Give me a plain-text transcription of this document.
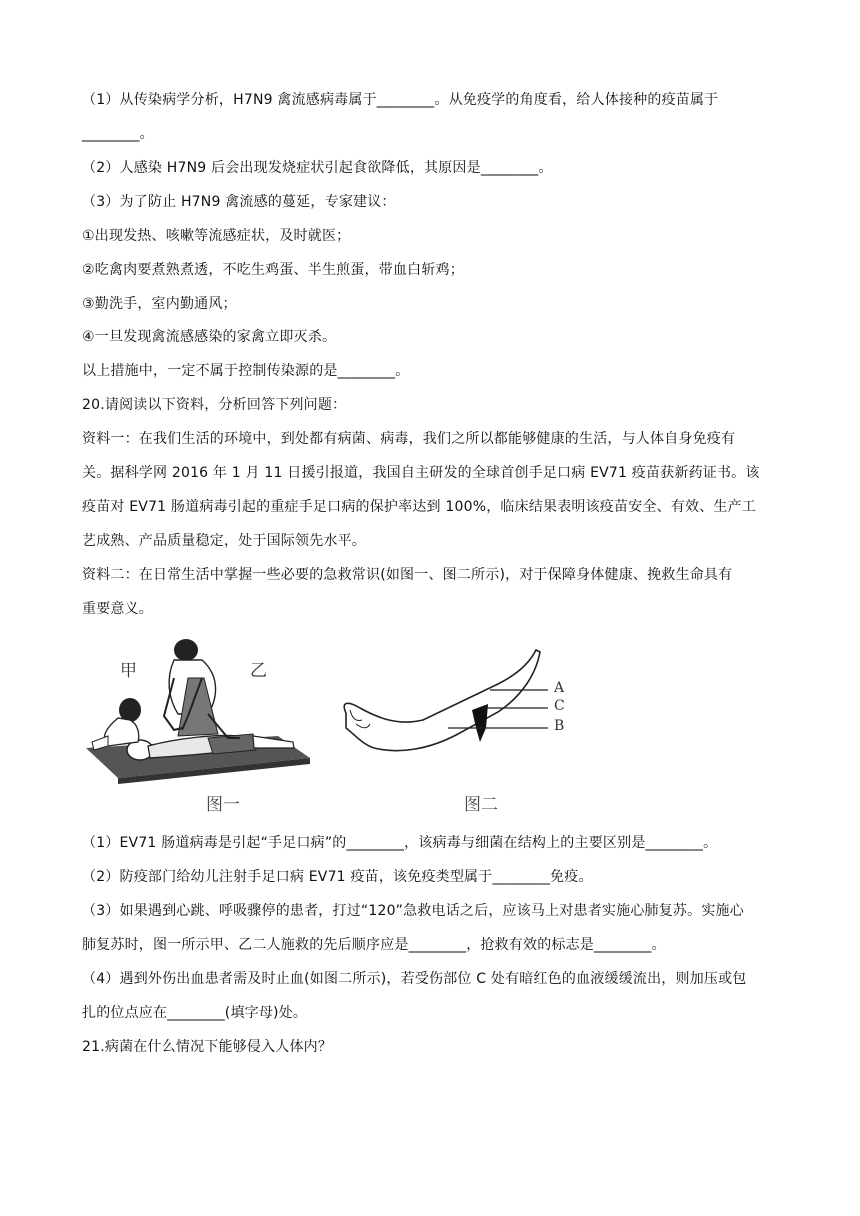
（1）从传染病学分析，H7N9 禽流感病毒属于________。从免疫学的角度看，给人体接种的疫苗属于
________。
（2）人感染 H7N9 后会出现发烧症状引起食欲降低，其原因是________。
（3）为了防止 H7N9 禽流感的蔓延，专家建议：
①出现发热、咳嗽等流感症状，及时就医；
②吃禽肉要煮熟煮透，不吃生鸡蛋、半生煎蛋，带血白斩鸡；
③勤洗手，室内勤通风；
④一旦发现禽流感感染的家禽立即灭杀。
以上措施中，一定不属于控制传染源的是________。
20.请阅读以下资料，分析回答下列问题：
资料一：在我们生活的环境中，到处都有病菌、病毒，我们之所以都能够健康的生活，与人体自身免疫有
关。据科学网 2016 年 1 月 11 日援引报道，我国自主研发的全球首创手足口病 EV71 疫苗获新药证书。该
疫苗对 EV71 肠道病毒引起的重症手足口病的保护率达到 100%，临床结果表明该疫苗安全、有效、生产工
艺成熟、产品质量稳定，处于国际领先水平。
资料二：在日常生活中掌握一些必要的急救常识(如图一、图二所示)，对于保障身体健康、挽救生命具有
重要意义。
甲	乙
A
C
B
图一	图二
（1）EV71 肠道病毒是引起“手足口病”的________，该病毒与细菌在结构上的主要区别是________。
（2）防疫部门给幼儿注射手足口病 EV71 疫苗，该免疫类型属于________免疫。
（3）如果遇到心跳、呼吸骤停的患者，打过“120”急救电话之后，应该马上对患者实施心肺复苏。实施心
肺复苏时，图一所示甲、乙二人施救的先后顺序应是________，抢救有效的标志是________。
（4）遇到外伤出血患者需及时止血(如图二所示)，若受伤部位 C 处有暗红色的血液缓缓流出，则加压或包
扎的位点应在________(填字母)处。
21.病菌在什么情况下能够侵入人体内？
